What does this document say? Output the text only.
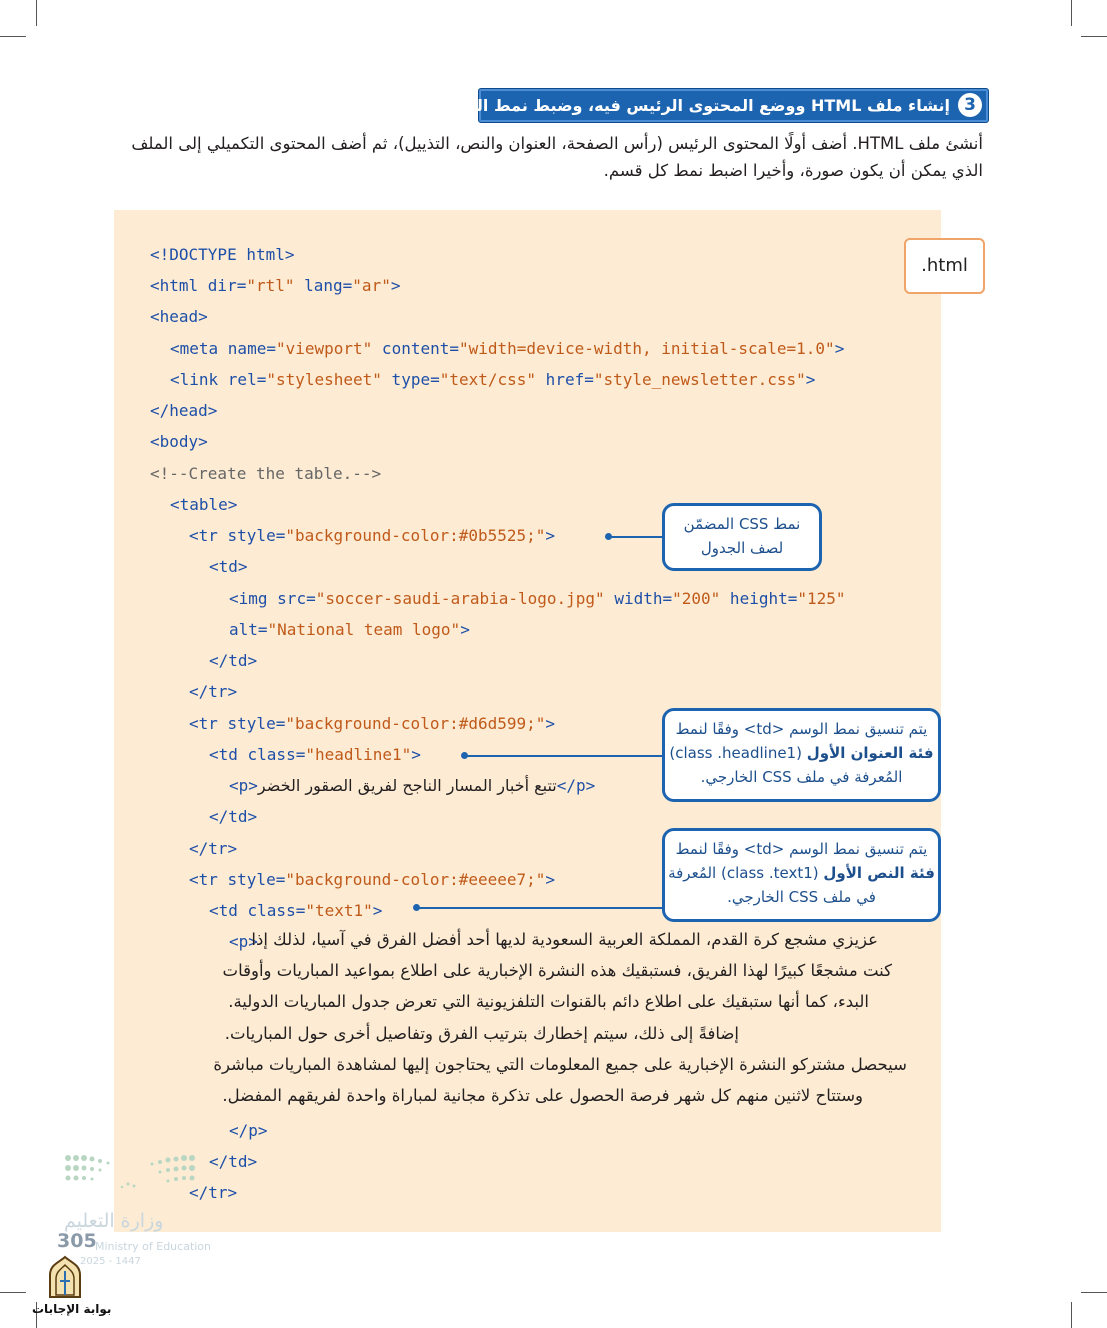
3
إنشاء ملف HTML ووضع المحتوى الرئيس فيه، وضبط نمط الرسالة
أنشئ ملف HTML. أضف أولًا المحتوى الرئيس (رأس الصفحة، العنوان والنص، التذييل)، ثم أضف المحتوى التكميلي إلى الملف
الذي يمكن أن يكون صورة، وأخيرا اضبط نمط كل قسم.
.html
<!DOCTYPE html>
<html dir="rtl" lang="ar">
<head>
<meta name="viewport" content="width=device-width, initial-scale=1.0">
<link rel="stylesheet" type="text/css" href="style_newsletter.css">
</head>
<body>
<!--Create the table.-->
<table>
<tr style="background-color:#0b5525;">
<td>
<img src="soccer-saudi-arabia-logo.jpg" width="200" height="125"
alt="National team logo">
</td>
</tr>
<tr style="background-color:#d6d599;">
<td class="headline1">
<p>تتبع أخبار المسار الناجح لفريق الصقور الخضر</p>
</td>
</tr>
<tr style="background-color:#eeeee7;">
<td class="text1">
<p>
عزيزي مشجع كرة القدم، المملكة العربية السعودية لديها أحد أفضل الفرق في آسيا، لذلك إذا
كنت مشجعًا كبيرًا لهذا الفريق، فستبقيك هذه النشرة الإخبارية على اطلاع بمواعيد المباريات وأوقات
البدء، كما أنها ستبقيك على اطلاع دائم بالقنوات التلفزيونية التي تعرض جدول المباريات الدولية.
إضافةً إلى ذلك، سيتم إخطارك بترتيب الفرق وتفاصيل أخرى حول المباريات.
سيحصل مشتركو النشرة الإخبارية على جميع المعلومات التي يحتاجون إليها لمشاهدة المباريات مباشرة
وستتاح لاثنين منهم كل شهر فرصة الحصول على تذكرة مجانية لمباراة واحدة لفريقهم المفضل.
</p>
</td>
</tr>
نمط CSS المضمّن
لصف الجدول
يتم تنسيق نمط الوسم <td> وفقًا لنمط
فئة العنوان الأول (class ‎.headline1)
المُعرفة في ملف CSS الخارجي.
يتم تنسيق نمط الوسم <td> وفقًا لنمط
فئة النص الأول (class ‎.text1) المُعرفة
في ملف CSS الخارجي.
وزارة التعليم
305
Ministry of Education
2025 - 1447
بوابة الإجابات
